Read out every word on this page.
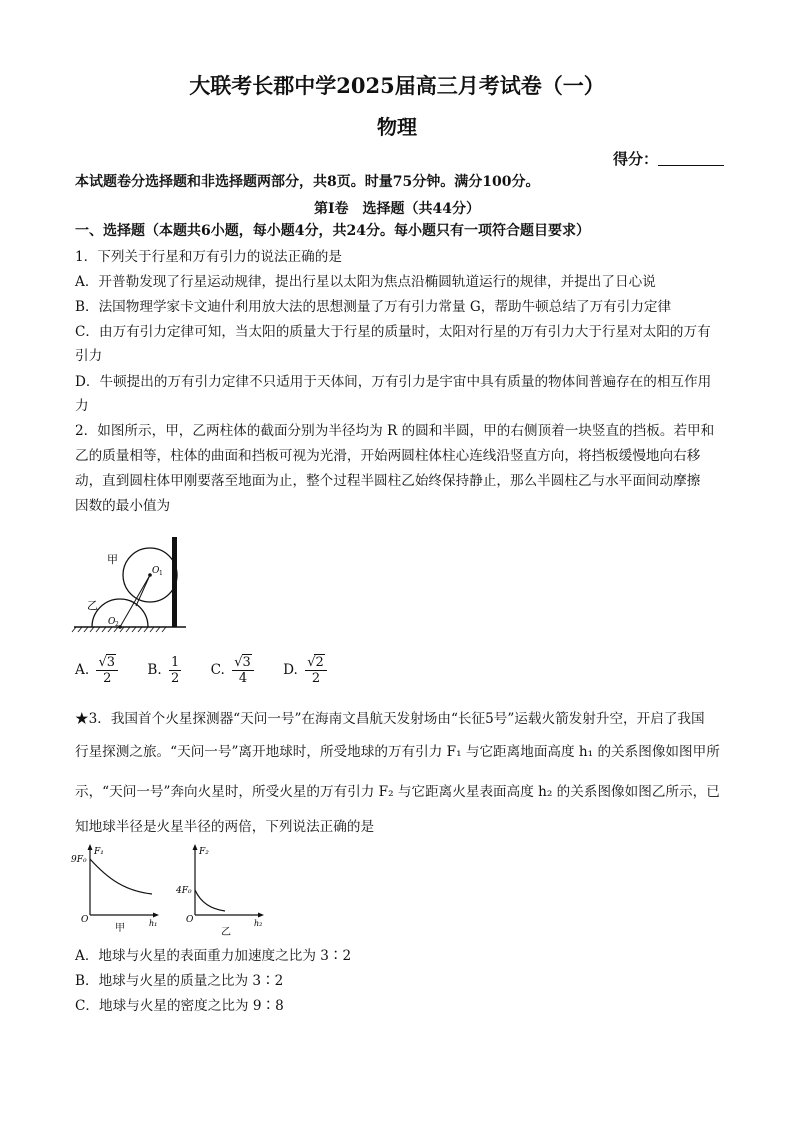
大联考长郡中学2025届高三月考试卷（一）
物理
得分：
本试题卷分选择题和非选择题两部分，共8页。时量75分钟。满分100分。
第Ⅰ卷　选择题（共44分）
一、选择题（本题共6小题，每小题4分，共24分。每小题只有一项符合题目要求）
1．下列关于行星和万有引力的说法正确的是
A．开普勒发现了行星运动规律，提出行星以太阳为焦点沿椭圆轨道运行的规律，并提出了日心说
B．法国物理学家卡文迪什利用放大法的思想测量了万有引力常量 G，帮助牛顿总结了万有引力定律
C．由万有引力定律可知，当太阳的质量大于行星的质量时，太阳对行星的万有引力大于行星对太阳的万有
引力
D．牛顿提出的万有引力定律不只适用于天体间，万有引力是宇宙中具有质量的物体间普遍存在的相互作用
力
2．如图所示，甲，乙两柱体的截面分别为半径均为 R 的圆和半圆，甲的右侧顶着一块竖直的挡板。若甲和
乙的质量相等，柱体的曲面和挡板可视为光滑，开始两圆柱体柱心连线沿竖直方向，将挡板缓慢地向右移
动，直到圆柱体甲刚要落至地面为止，整个过程半圆柱乙始终保持静止，那么半圆柱乙与水平面间动摩擦
因数的最小值为
甲
乙
O 1
O 2
A. $\frac{√3}{2} B$. $\frac{1}{2} C$. $\frac{√3}{4} D$. $\frac{√2}{2}$
★3．我国首个火星探测器“天问一号”在海南文昌航天发射场由“长征5号”运载火箭发射升空，开启了我国
行星探测之旅。“天问一号”离开地球时，所受地球的万有引力 F₁ 与它距离地面高度 h₁ 的关系图像如图甲所
示，“天问一号”奔向火星时，所受火星的万有引力 F₂ 与它距离火星表面高度 h₂ 的关系图像如图乙所示，已
知地球半径是火星半径的两倍，下列说法正确的是
F₁
9F₀
O	h₁
甲
F₂
4F₀
O	h₂
乙
A．地球与火星的表面重力加速度之比为 3∶2
B．地球与火星的质量之比为 3∶2
C．地球与火星的密度之比为 9∶8
